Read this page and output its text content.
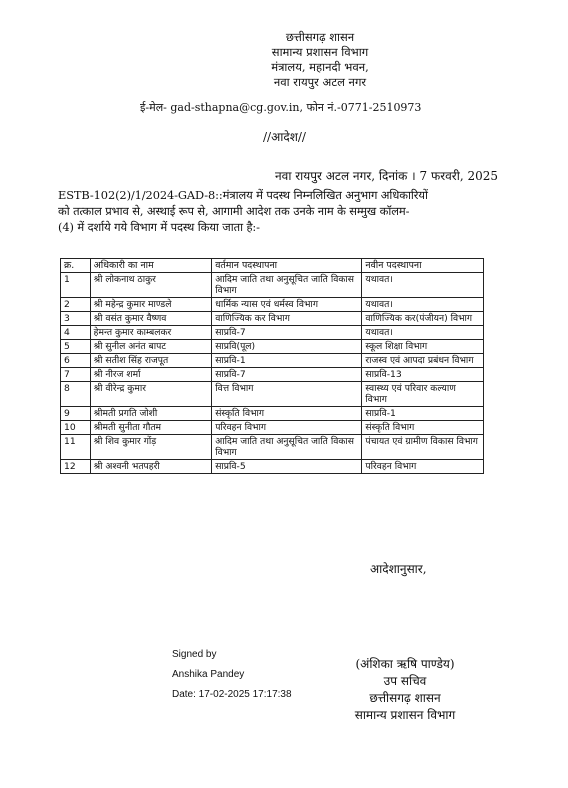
छत्तीसगढ़ शासन
सामान्य प्रशासन विभाग
मंत्रालय, महानदी भवन,
नवा रायपुर अटल नगर
ई-मेल- gad-sthapna@cg.gov.in, फोन नं.-0771-2510973
//आदेश//
नवा रायपुर अटल नगर, दिनांक । 7 फरवरी, 2025
ESTB-102(2)/1/2024-GAD-8::मंत्रालय में पदस्थ निम्नलिखित अनुभाग अधिकारियों
को तत्काल प्रभाव से, अस्थाई रूप से, आगामी आदेश तक उनके नाम के सम्मुख कॉलम-
(4) में दर्शाये गये विभाग में पदस्थ किया जाता है:-
क्र.	अधिकारी का नाम	वर्तमान पदस्थापना	नवीन पदस्थापना
1	श्री लोकनाथ ठाकुर	आदिम जाति तथा अनुसूचित जाति विकास विभाग	यथावत।
2	श्री महेन्द्र कुमार माण्डले	धार्मिक न्यास एवं धर्मस्व विभाग	यथावत।
3	श्री वसंत कुमार वैष्णव	वाणिज्यिक कर विभाग	वाणिज्यिक कर(पंजीयन) विभाग
4	हेमन्त कुमार काम्बलकर	साप्रवि-7	यथावत।
5	श्री सुनील अनंत बापट	साप्रवि(पूल)	स्कूल शिक्षा विभाग
6	श्री सतीश सिंह राजपूत	साप्रवि-1	राजस्व एवं आपदा प्रबंधन विभाग
7	श्री नीरज शर्मा	साप्रवि-7	साप्रवि-13
8	श्री वीरेन्द्र कुमार	वित्त विभाग	स्वास्थ्य एवं परिवार कल्याण विभाग
9	श्रीमती प्रगति जोशी	संस्कृति विभाग	साप्रवि-1
10	श्रीमती सुनीता गौतम	परिवहन विभाग	संस्कृति विभाग
11	श्री शिव कुमार गोंड़	आदिम जाति तथा अनुसूचित जाति विकास विभाग	पंचायत एवं ग्रामीण विकास विभाग
12	श्री अश्वनी भतपहरी	साप्रवि-5	परिवहन विभाग
आदेशानुसार,
Signed by
Anshika Pandey
Date: 17-02-2025 17:17:38
(अंशिका ऋषि पाण्डेय)
उप सचिव
छत्तीसगढ़ शासन
सामान्य प्रशासन विभाग
